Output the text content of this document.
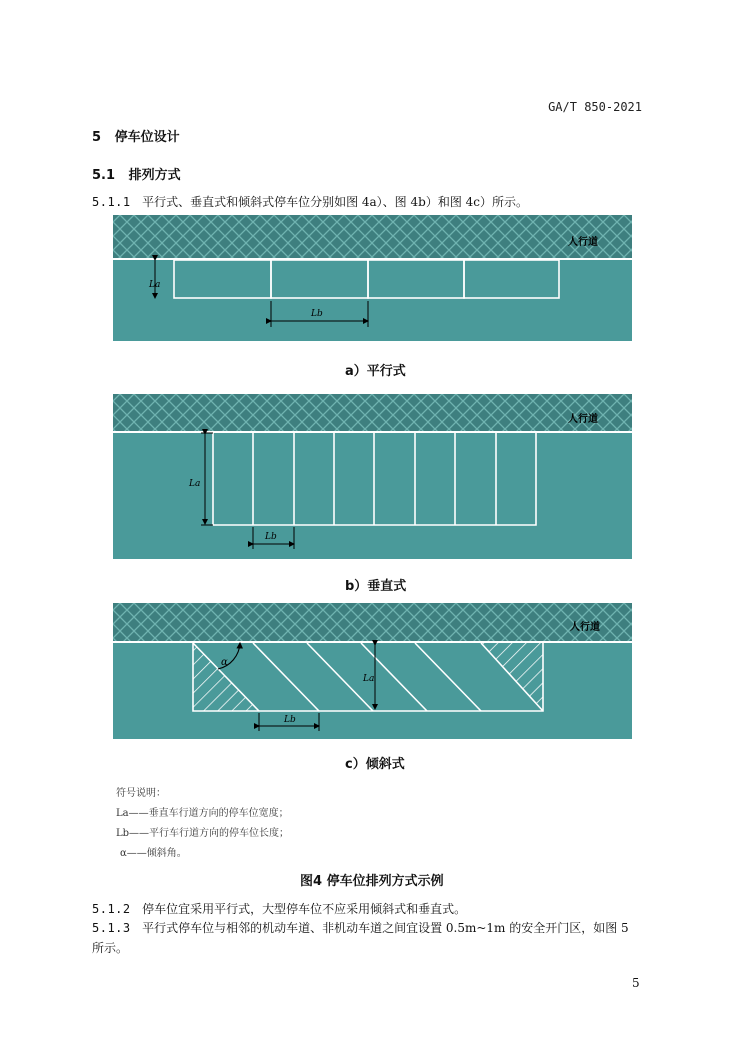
GA/T 850-2021
5 停车位设计
5.1 排列方式
5.1.1 平行式、垂直式和倾斜式停车位分别如图 4a）、图 4b）和图 4c）所示。
人行道
La
Lb
a）平行式
人行道
La
Lb
b）垂直式
人行道
α
La
Lb
c）倾斜式
符号说明：
La——垂直车行道方向的停车位宽度；
Lb——平行车行道方向的停车位长度；
α——倾斜角。
图4 停车位排列方式示例
5.1.2 停车位宜采用平行式，大型停车位不应采用倾斜式和垂直式。
5.1.3 平行式停车位与相邻的机动车道、非机动车道之间宜设置 0.5m~1m 的安全开门区，如图 5
所示。
5
